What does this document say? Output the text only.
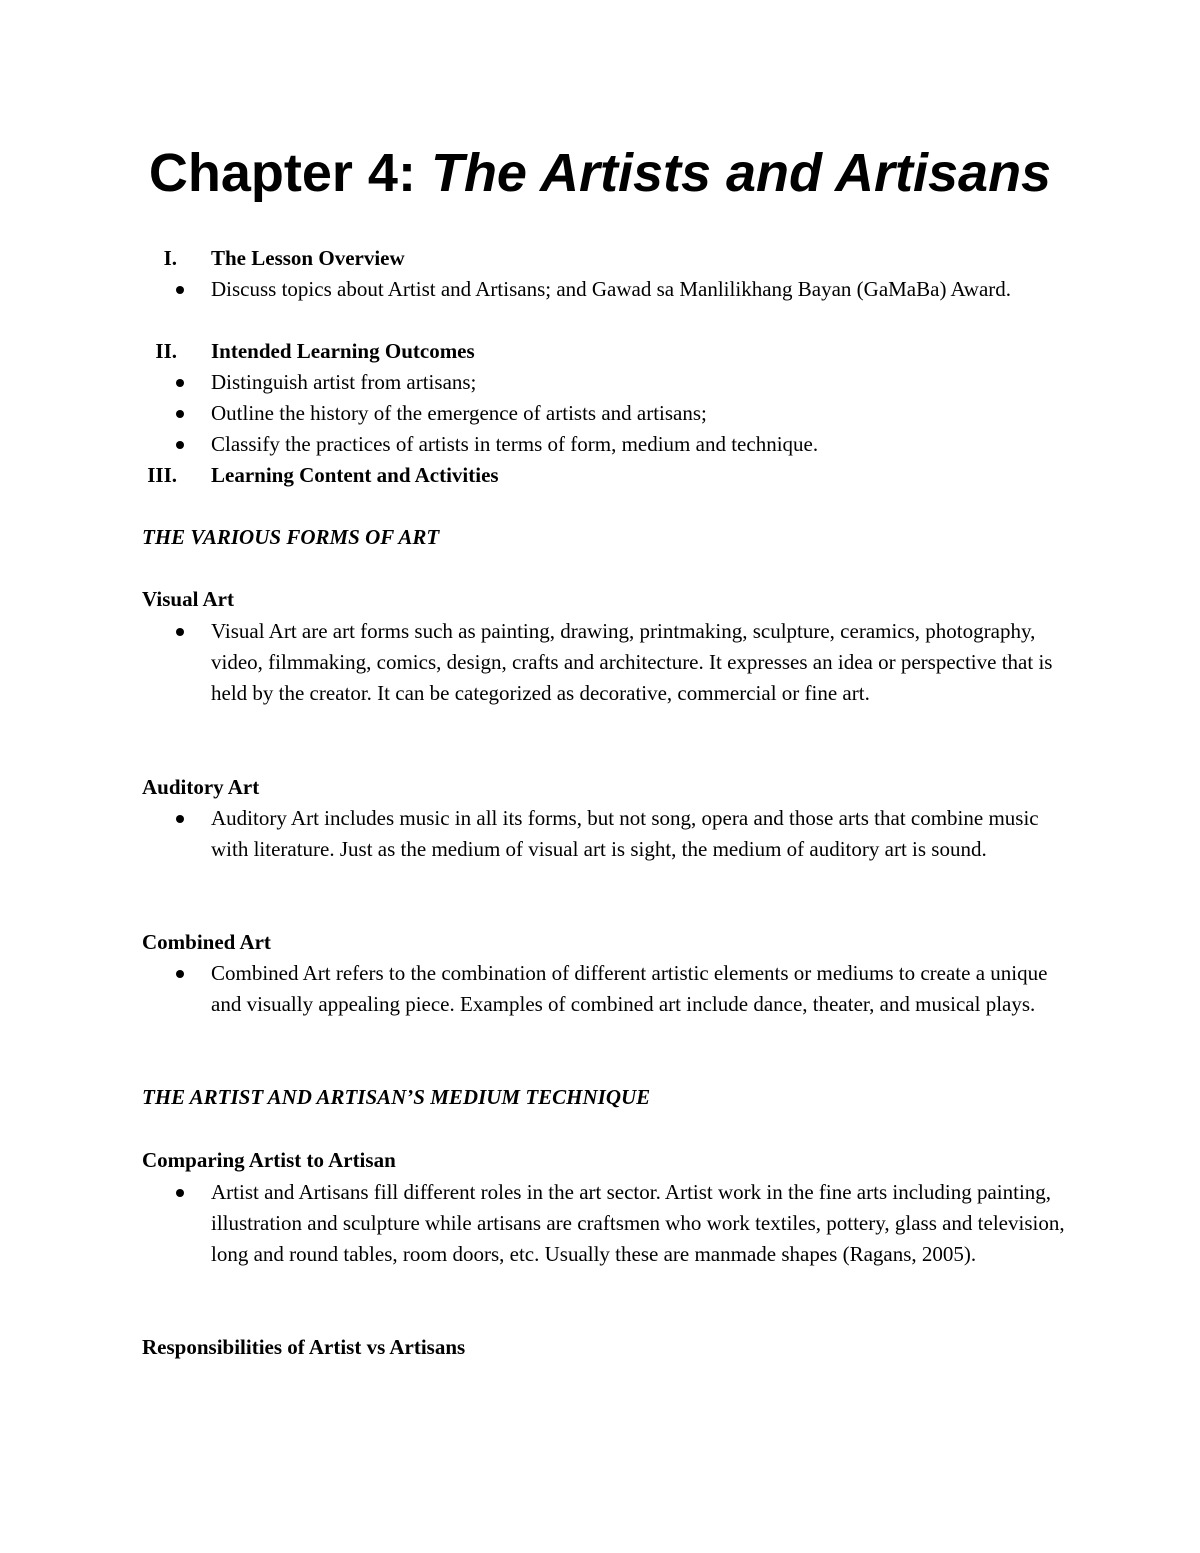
Chapter 4: The Artists and Artisans
I. The Lesson Overview
Discuss topics about Artist and Artisans; and Gawad sa Manlilikhang Bayan (GaMaBa) Award.
II. Intended Learning Outcomes
Distinguish artist from artisans;
Outline the history of the emergence of artists and artisans;
Classify the practices of artists in terms of form, medium and technique.
III. Learning Content and Activities
THE VARIOUS FORMS OF ART
Visual Art
Visual Art are art forms such as painting, drawing, printmaking, sculpture, ceramics, photography, video, filmmaking, comics, design, crafts and architecture. It expresses an idea or perspective that is held by the creator. It can be categorized as decorative, commercial or fine art.
Auditory Art
Auditory Art includes music in all its forms, but not song, opera and those arts that combine music with literature. Just as the medium of visual art is sight, the medium of auditory art is sound.
Combined Art
Combined Art refers to the combination of different artistic elements or mediums to create a unique and visually appealing piece. Examples of combined art include dance, theater, and musical plays.
THE ARTIST AND ARTISAN’S MEDIUM TECHNIQUE
Comparing Artist to Artisan
Artist and Artisans fill different roles in the art sector. Artist work in the fine arts including painting, illustration and sculpture while artisans are craftsmen who work textiles, pottery, glass and television, long and round tables, room doors, etc. Usually these are manmade shapes (Ragans, 2005).
Responsibilities of Artist vs Artisans
